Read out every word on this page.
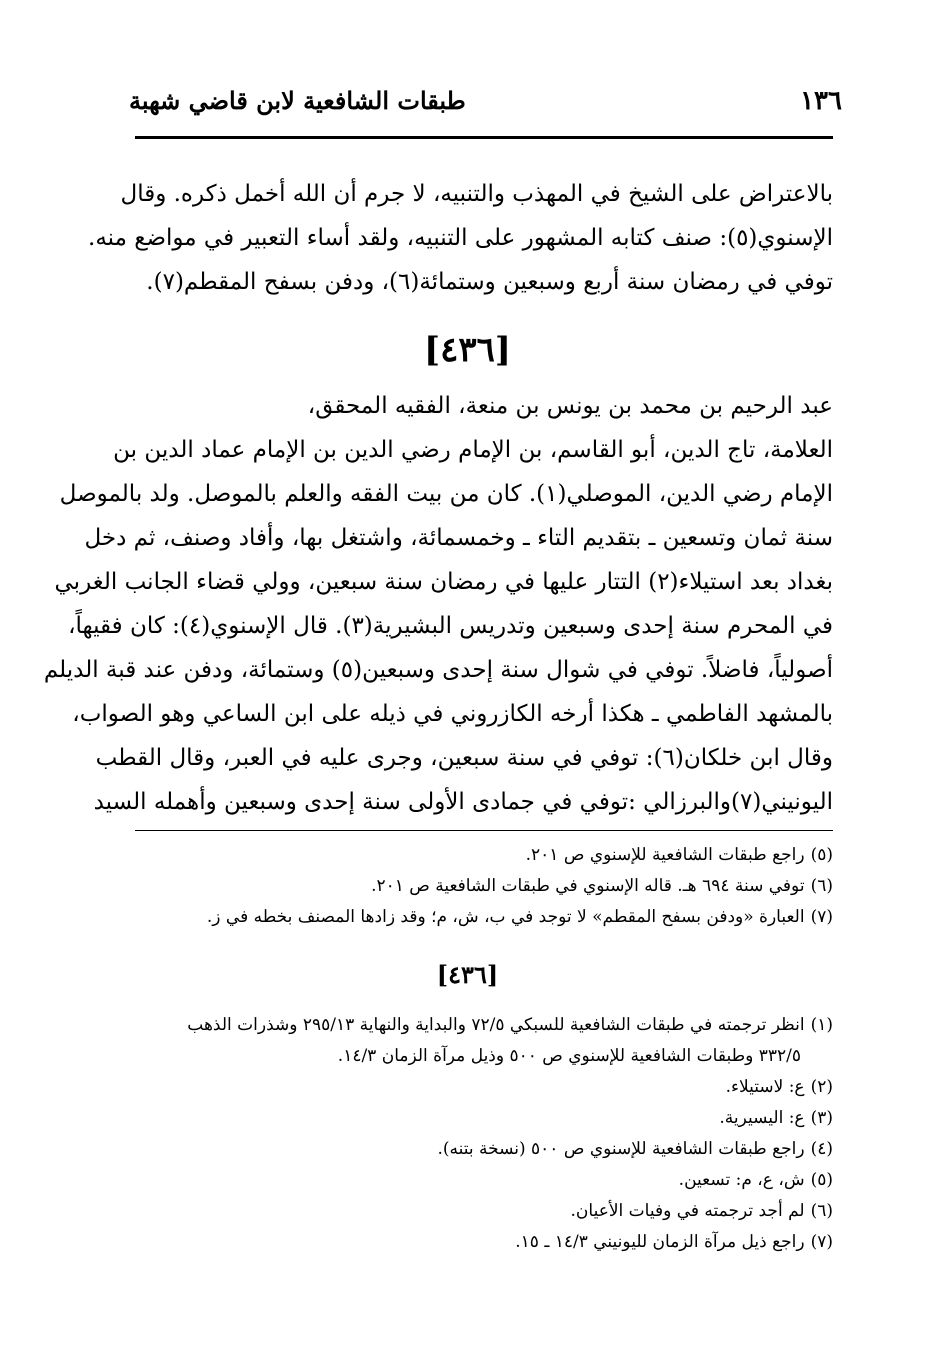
١٣٦
طبقات الشافعية لابن قاضي شهبة

بالاعتراض على الشيخ في المهذب والتنبيه، لا جرم أن الله أخمل ذكره. وقال
الإسنوي(٥): صنف كتابه المشهور على التنبيه، ولقد أساء التعبير في مواضع منه.
توفي في رمضان سنة أربع وسبعين وستمائة(٦)، ودفن بسفح المقطم(٧).

[٤٣٦]

عبد الرحيم بن محمد بن يونس بن منعة، الفقيه المحقق،
العلامة، تاج الدين، أبو القاسم، بن الإمام رضي الدين بن الإمام عماد الدين بن
الإمام رضي الدين، الموصلي(١). كان من بيت الفقه والعلم بالموصل. ولد بالموصل
سنة ثمان وتسعين ـ بتقديم التاء ـ وخمسمائة، واشتغل بها، وأفاد وصنف، ثم دخل
بغداد بعد استيلاء(٢) التتار عليها في رمضان سنة سبعين، وولي قضاء الجانب الغربي
في المحرم سنة إحدى وسبعين وتدريس البشيرية(٣). قال الإسنوي(٤): كان فقيهاً،
أصولياً، فاضلاً. توفي في شوال سنة إحدى وسبعين(٥) وستمائة، ودفن عند قبة الديلم
بالمشهد الفاطمي ـ هكذا أرخه الكازروني في ذيله على ابن الساعي وهو الصواب،
وقال ابن خلكان(٦): توفي في سنة سبعين، وجرى عليه في العبر، وقال القطب
اليونيني(٧)والبرزالي :توفي في جمادى الأولى سنة إحدى وسبعين وأهمله السيد

(٥)راجع طبقات الشافعية للإسنوي ص ٢٠١.
(٦)توفي سنة ٦٩٤ هـ. قاله الإسنوي في طبقات الشافعية ص ٢٠١.
(٧)العبارة «ودفن بسفح المقطم» لا توجد في ب، ش، م؛ وقد زادها المصنف بخطه في ز.
[٤٣٦]
(١)انظر ترجمته في طبقات الشافعية للسبكي ٧٢/٥ والبداية والنهاية ٢٩٥/١٣ وشذرات الذهب
٣٣٢/٥ وطبقات الشافعية للإسنوي ص ٥٠٠ وذيل مرآة الزمان ١٤/٣.
(٢)ع: لاستيلاء.
(٣)ع: اليسيرية.
(٤)راجع طبقات الشافعية للإسنوي ص ٥٠٠ (نسخة بتنه).
(٥)ش، ع، م: تسعين.
(٦)لم أجد ترجمته في وفيات الأعيان.
(٧)راجع ذيل مرآة الزمان لليونيني ١٤/٣ ـ ١٥.
